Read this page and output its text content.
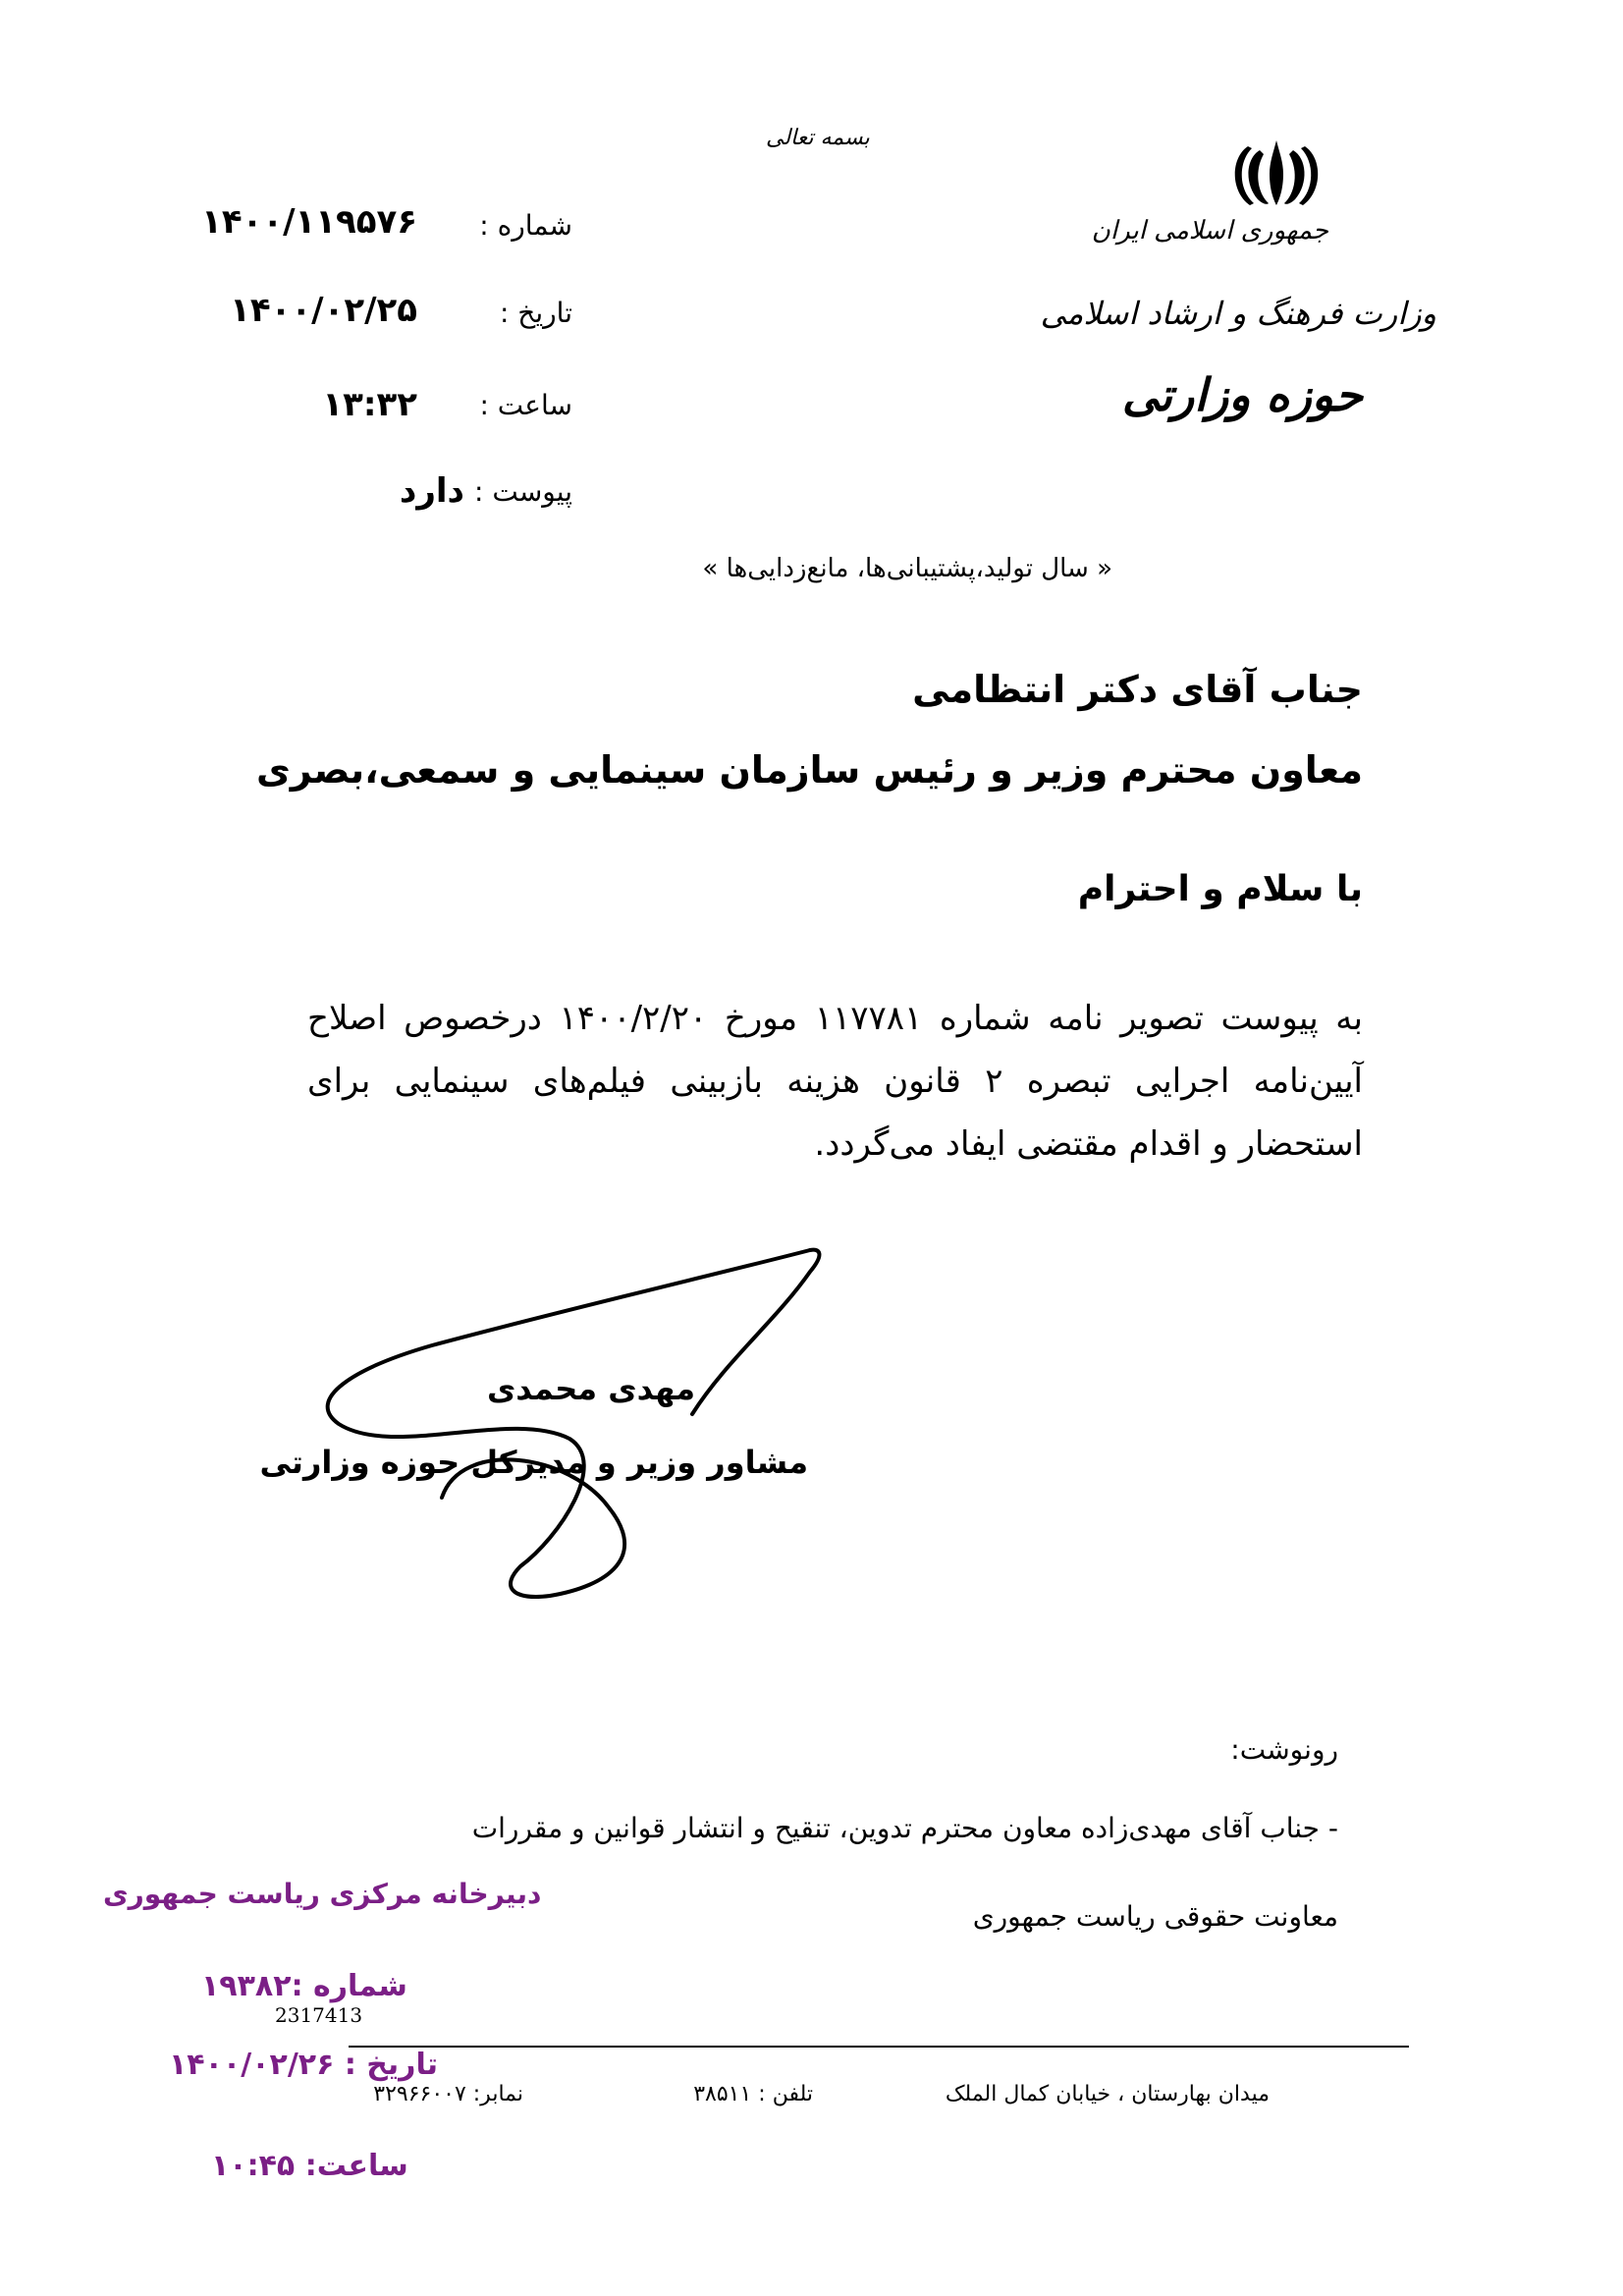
بسمه تعالی
جمهوری اسلامی ایران
وزارت فرهنگ و ارشاد اسلامی
حوزه وزارتی
شماره :
۱۴۰۰/۱۱۹۵۷۶
تاریخ :
۱۴۰۰/۰۲/۲۵
ساعت :
۱۳:۳۲
پیوست :
دارد
« سال تولید،پشتیبانی‌ها، مانع‌زدایی‌ها »
جناب آقای دکتر انتظامی
معاون محترم وزیر و رئیس سازمان سینمایی و سمعی،بصری
با سلام و احترام
به پیوست تصویر نامه شماره ۱۱۷۷۸۱ مورخ ۱۴۰۰/۲/۲۰ درخصوص اصلاح آیین‌نامه اجرایی تبصره ۲ قانون هزینه بازبینی فیلم‌های سینمایی برای استحضار و اقدام مقتضی ایفاد می‌گردد.
مهدی محمدی
مشاور وزیر و مدیرکل حوزه وزارتی
رونوشت:
- جناب آقای مهدی‌زاده معاون محترم تدوین، تنقیح و انتشار قوانین و مقررات
معاونت حقوقی ریاست جمهوری
دبیرخانه مرکزی ریاست جمهوری
شماره :۱۹۳۸۲
2317413
تاریخ : ۱۴۰۰/۰۲/۲۶
ساعت: ۱۰:۴۵
میدان بهارستان ، خیابان کمال الملک
تلفن : ۳۸۵۱۱
نمابر: ۳۲۹۶۶۰۰۷
